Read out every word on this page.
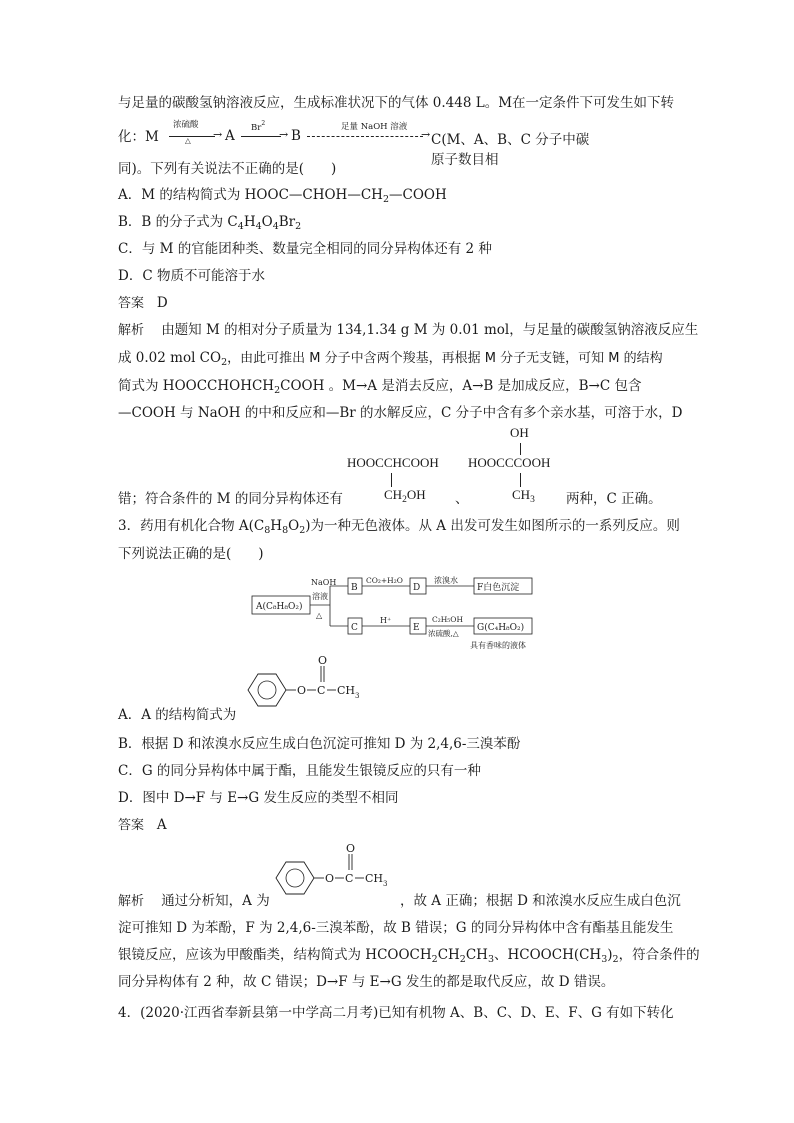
与足量的碳酸氢钠溶液反应，生成标准状况下的气体 0.448 L。M在一定条件下可发生如下转
化：M
浓硫酸
→
△	A $Br^2$
→ B
足量 NaOH 溶液
→ C(M、A、B、C 分子中碳原子数目相
同)。下列有关说法不正确的是(　　)
A．M 的结构简式为 $HOOC—CHOH—CH_2—COOH$
B．B 的分子式为 $C_4H_4O_4Br_2$
C．与 M 的官能团种类、数量完全相同的同分异构体还有 2 种
D．C 物质不可能溶于水
答案 D
解析 由题知 M 的相对分子质量为 134,1.34 g M 为 0.01 mol，与足量的碳酸氢钠溶液反应生
成 0.02 mol $CO_2$，由此可推出 M 分子中含两个羧基，再根据 M 分子无支链，可知 M 的结构
简式为 $HOOCCHOHCH_2COOH$ 。M→A 是消去反应，A→B 是加成反应，B→C 包含
—COOH 与 NaOH 的中和反应和—Br 的水解反应，C 分子中含有多个亲水基，可溶于水，D
HOOCCHCOOH
$CH_2OH$
OH
HOOCCCOOH
$CH_3$
错；符合条件的 M 的同分异构体还有	、	两种，C 正确。
3．药用有机化合物 $A(C_8H_8O_2)$为一种无色液体。从 A 出发可发生如图所示的一系列反应。则
下列说法正确的是(　　)
A(C₈H₈O₂)
NaOH
溶液
△
B
CO₂+H₂O
D
浓溴水
F白色沉淀
C
H⁺
E
C₂H₅OH
浓硫酸,△
G(C₄H₈O₂)
具有香味的液体
O C
O
CH 3
A．A 的结构简式为
B．根据 D 和浓溴水反应生成白色沉淀可推知 D 为 2,4,6-三溴苯酚
C．G 的同分异构体中属于酯，且能发生银镜反应的只有一种
D．图中 D→F 与 E→G 发生反应的类型不相同
答案 A
O C
O
CH 3
解析 通过分析知，A 为	，故 A 正确；根据 D 和浓溴水反应生成白色沉
淀可推知 D 为苯酚，F 为 2,4,6-三溴苯酚，故 B 错误；G 的同分异构体中含有酯基且能发生
银镜反应，应该为甲酸酯类，结构简式为 $HCOOCH_2CH_2CH_3$、$HCOOCH(CH_3)_2$，符合条件的
同分异构体有 2 种，故 C 错误；D→F 与 E→G 发生的都是取代反应，故 D 错误。
4．(2020·江西省奉新县第一中学高二月考)已知有机物 A、B、C、D、E、F、G 有如下转化
